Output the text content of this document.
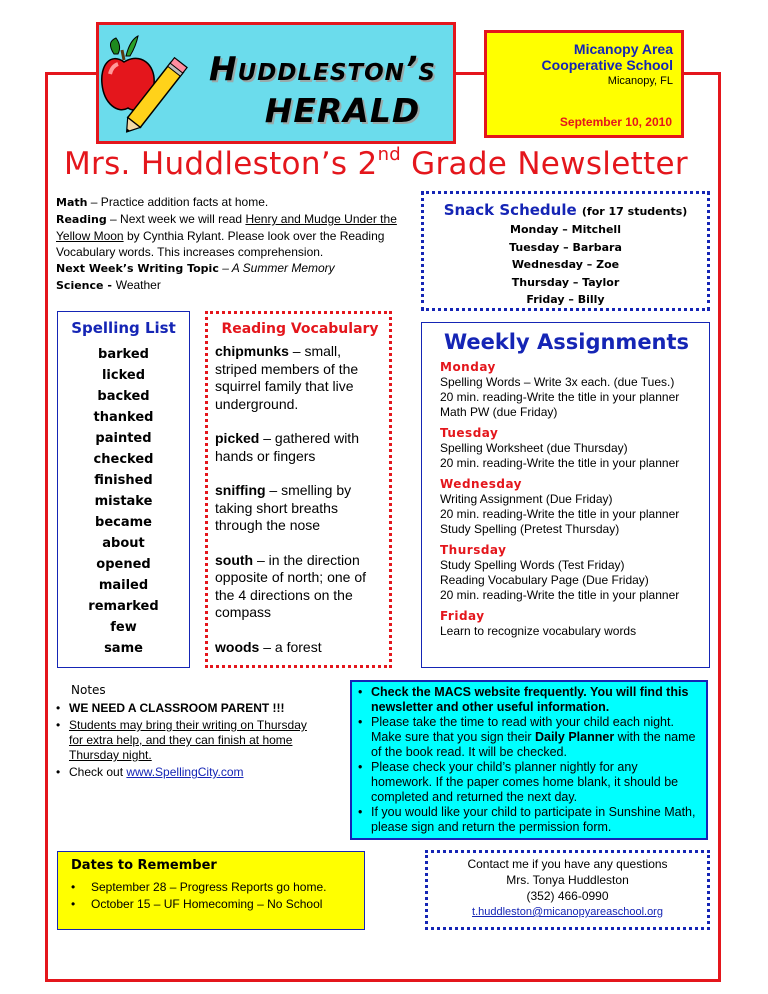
Huddleston’s
HERALD
Micanopy Area
Cooperative School
Micanopy, FL
September 10, 2010
Mrs. Huddleston’s 2nd Grade Newsletter
Math – Practice addition facts at home.
Reading – Next week we will read Henry and Mudge Under the Yellow Moon by Cynthia Rylant. Please look over the Reading Vocabulary words. This increases comprehension.
Next Week’s Writing Topic – A Summer Memory
Science - Weather
Snack Schedule (for 17 students)
Monday – Mitchell
Tuesday – Barbara
Wednesday – Zoe
Thursday – Taylor
Friday – Billy
Spelling List
barked
licked
backed
thanked
painted
checked
finished
mistake
became
about
opened
mailed
remarked
few
same
Reading Vocabulary
chipmunks – small, striped members of the squirrel family that live underground.
picked – gathered with hands or fingers
sniffing – smelling by taking short breaths through the nose
south – in the direction opposite of north; one of the 4 directions on the compass
woods – a forest
Weekly Assignments
Monday
Spelling Words – Write 3x each. (due Tues.)
20 min. reading-Write the title in your planner
Math PW (due Friday)
Tuesday
Spelling Worksheet (due Thursday)
20 min. reading-Write the title in your planner
Wednesday
Writing Assignment (Due Friday)
20 min. reading-Write the title in your planner
Study Spelling (Pretest Thursday)
Thursday
Study Spelling Words (Test Friday)
Reading Vocabulary Page (Due Friday)
20 min. reading-Write the title in your planner
Friday
Learn to recognize vocabulary words
Notes
• WE NEED A CLASSROOM PARENT !!!
• Students may bring their writing on Thursday for extra help, and they can finish at home Thursday night.
• Check out www.SpellingCity.com
• Check the MACS website frequently. You will find this newsletter and other useful information.
• Please take the time to read with your child each night. Make sure that you sign their Daily Planner with the name of the book read. It will be checked.
• Please check your child’s planner nightly for any homework. If the paper comes home blank, it should be completed and returned the next day.
• If you would like your child to participate in Sunshine Math, please sign and return the permission form.
Dates to Remember
• September 28 – Progress Reports go home.
• October 15 – UF Homecoming – No School
Contact me if you have any questions
Mrs. Tonya Huddleston
(352) 466-0990
t.huddleston@micanopyareaschool.org
